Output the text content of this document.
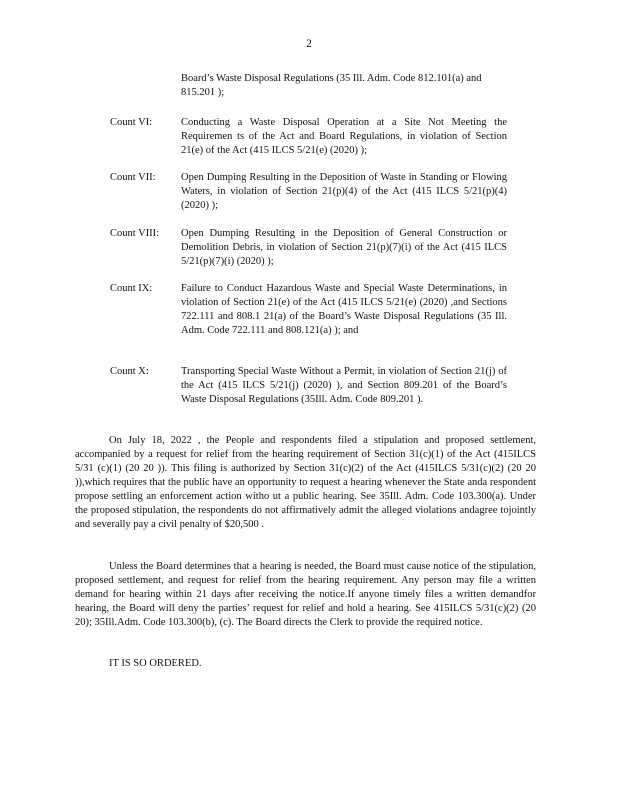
2
Board’s Waste Disposal Regulations (35 Ill. Adm. Code 812.101(a) and 815.201 );
Count VI:	Conducting a Waste Disposal Operation at a Site Not Meeting the Requiremen ts of the Act and Board Regulations, in violation of Section 21(e) of the Act (415 ILCS 5/21(e) (2020) );
Count VII:	Open Dumping Resulting in the Deposition of Waste in Standing or Flowing Waters, in violation of Section 21(p)(4) of the Act (415 ILCS 5/21(p)(4) (2020) );
Count VIII:	Open Dumping Resulting in the Deposition of General Construction or Demolition Debris, in violation of Section 21(p)(7)(i) of the Act (415 ILCS 5/21(p)(7)(i) (2020) );
Count IX:	Failure to Conduct Hazardous Waste and Special Waste Determinations, in violation of Section 21(e) of the Act (415 ILCS 5/21(e) (2020) ,and Sections 722.111 and 808.1 21(a) of the Board’s Waste Disposal Regulations (35 Ill. Adm. Code 722.111 and 808.121(a) ); and
Count X:	Transporting Special Waste Without a Permit, in violation of Section 21(j) of the Act (415 ILCS 5/21(j) (2020) ), and Section 809.201 of the Board’s Waste Disposal Regulations (35Ill. Adm. Code 809.201 ).
On July 18, 2022 , the People and respondents filed a stipulation and proposed settlement, accompanied by a request for relief from the hearing requirement of Section 31(c)(1) of the Act (415ILCS 5/31 (c)(1) (20 20 )). This filing is authorized by Section 31(c)(2) of the Act (415ILCS 5/31(c)(2) (20 20 )),which requires that the public have an opportunity to request a hearing whenever the State anda respondent propose settling an enforcement action witho ut a public hearing. See 35Ill. Adm. Code 103.300(a). Under the proposed stipulation, the respondents do not affirmatively admit the alleged violations andagree tojointly and severally pay a civil penalty of $20,500 .
Unless the Board determines that a hearing is needed, the Board must cause notice of the stipulation, proposed settlement, and request for relief from the hearing requirement. Any person may file a written demand for hearing within 21 days after receiving the notice.If anyone timely files a written demandfor hearing, the Board will deny the parties’ request for relief and hold a hearing. See 415ILCS 5/31(c)(2) (20 20); 35Ill.Adm. Code 103.300(b), (c). The Board directs the Clerk to provide the required notice.
IT IS SO ORDERED.
